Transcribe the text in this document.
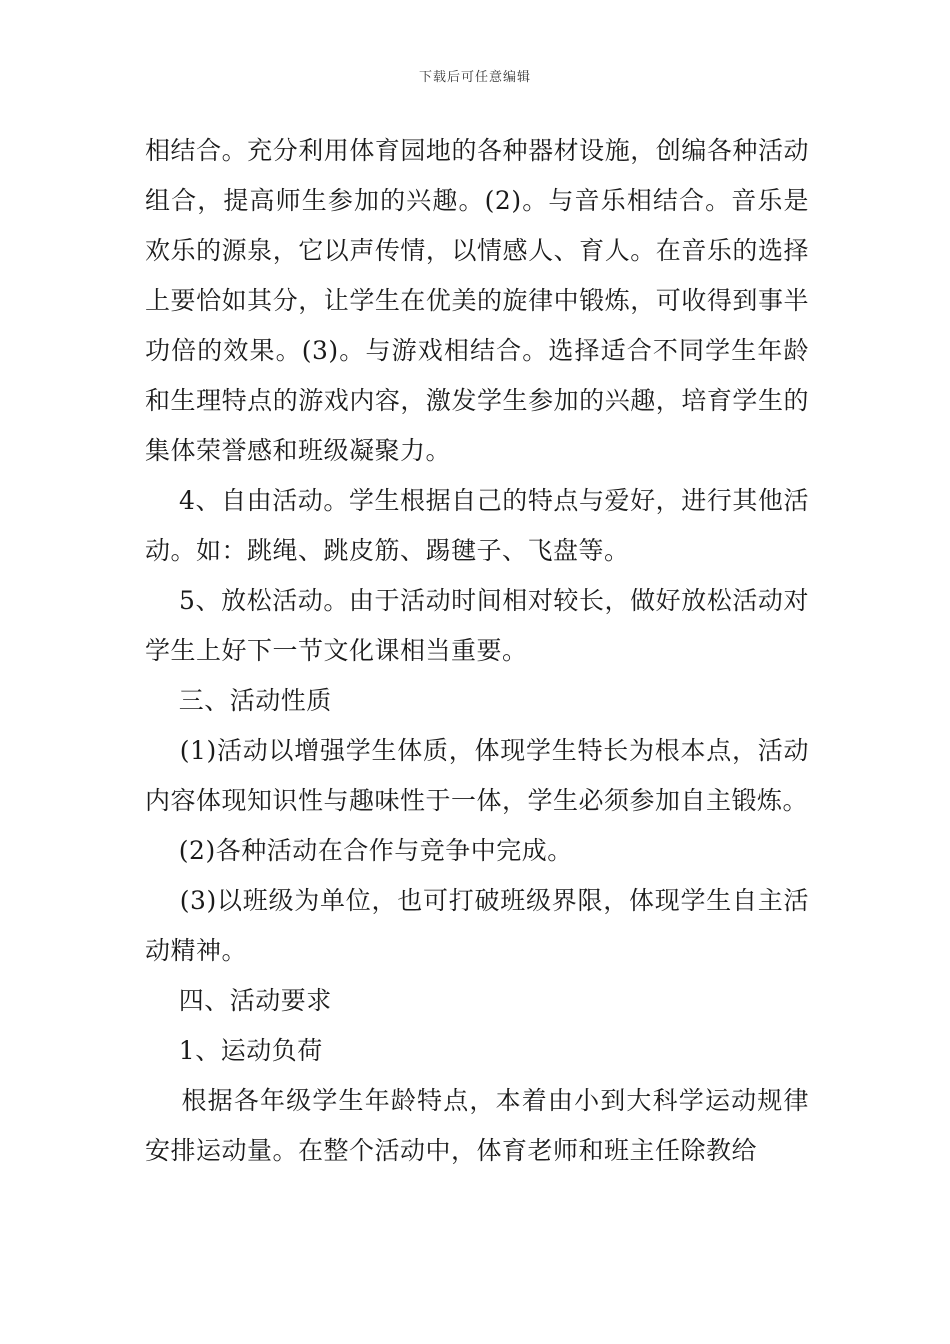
下载后可任意编辑

相结合。充分利用体育园地的各种器材设施，创编各种活动组合，提高师生参加的兴趣。(2)。与音乐相结合。音乐是欢乐的源泉，它以声传情，以情感人、育人。在音乐的选择上要恰如其分，让学生在优美的旋律中锻炼，可收得到事半功倍的效果。(3)。与游戏相结合。选择适合不同学生年龄和生理特点的游戏内容，激发学生参加的兴趣，培育学生的集体荣誉感和班级凝聚力。

4、自由活动。学生根据自己的特点与爱好，进行其他活动。如：跳绳、跳皮筋、踢毽子、飞盘等。

5、放松活动。由于活动时间相对较长，做好放松活动对学生上好下一节文化课相当重要。

三、活动性质

(1)活动以增强学生体质，体现学生特长为根本点，活动内容体现知识性与趣味性于一体，学生必须参加自主锻炼。

(2)各种活动在合作与竞争中完成。

(3)以班级为单位，也可打破班级界限，体现学生自主活动精神。

四、活动要求

1、运动负荷

根据各年级学生年龄特点，本着由小到大科学运动规律安排运动量。在整个活动中，体育老师和班主任除教给
